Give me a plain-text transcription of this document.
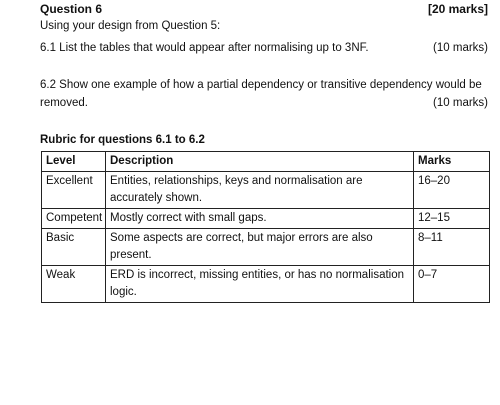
Question 6	[20 marks]
Using your design from Question 5:
6.1 List the tables that would appear after normalising up to 3NF.	(10 marks)
6.2 Show one example of how a partial dependency or transitive dependency would be
removed.	(10 marks)
Rubric for questions 6.1 to 6.2
Level	Description	Marks
Excellent	Entities, relationships, keys and normalisation are accurately shown.	16–20
Competent	Mostly correct with small gaps.	12–15
Basic	Some aspects are correct, but major errors are also present.	8–11
Weak	ERD is incorrect, missing entities, or has no normalisation logic.	0–7
